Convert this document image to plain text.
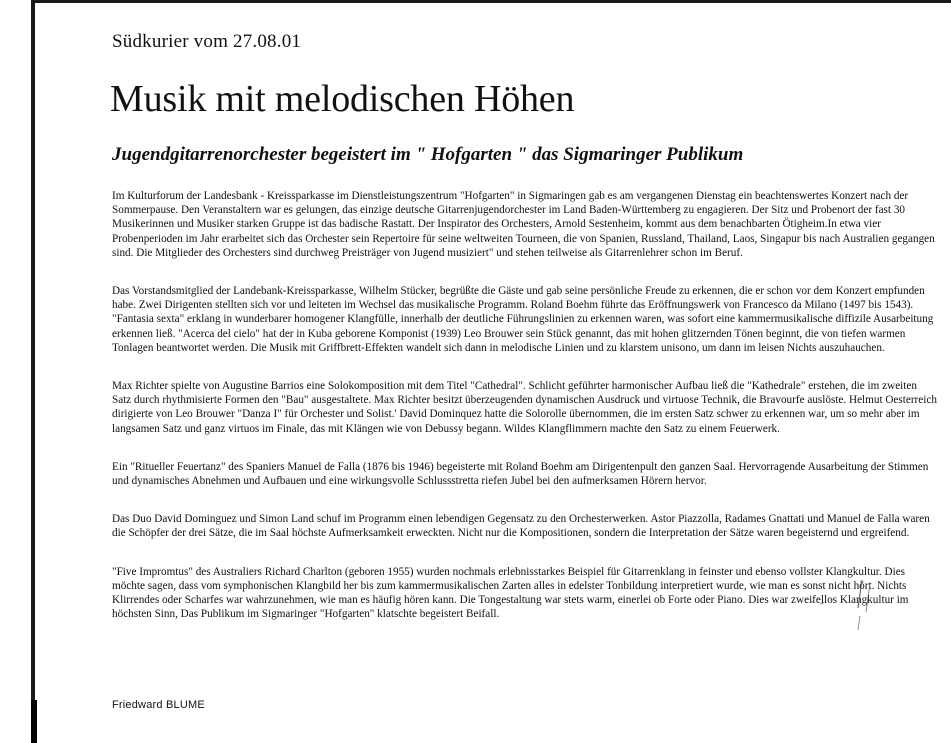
Südkurier vom 27.08.01
Musik mit melodischen Höhen
Jugendgitarrenorchester begeistert im " Hofgarten " das Sigmaringer Publikum

Im Kulturforum der Landesbank - Kreissparkasse im Dienstleistungszentrum "Hofgarten" in Sigmaringen gab es am vergangenen Dienstag ein beachtenswertes Konzert nach der Sommerpause. Den Veranstaltern war es gelungen, das einzige deutsche Gitarrenjugendorchester im Land Baden-Württemberg zu engagieren. Der Sitz und Probenort der fast 30 Musikerinnen und Musiker starken Gruppe ist das badische Rastatt. Der Inspirator des Orchesters, Arnold Sestenheim, kommt aus dem benachbarten Ötigheim.In etwa vier Probenperioden im Jahr erarbeitet sich das Orchester sein Repertoire für seine weltweiten Tourneen, die von Spanien, Russland, Thailand, Laos, Singapur bis nach Australien gegangen sind. Die Mitglieder des Orchesters sind durchweg Preisträger von Jugend musiziert" und stehen teilweise als Gitarrenlehrer schon im Beruf.

Das Vorstandsmitglied der Landebank-Kreissparkasse, Wilhelm Stücker, begrüßte die Gäste und gab seine persönliche Freude zu erkennen, die er schon vor dem Konzert empfunden habe. Zwei Dirigenten stellten sich vor und leiteten im Wechsel das musikalische Programm. Roland Boehm führte das Eröffnungswerk von Francesco da Milano (1497 bis 1543). "Fantasia sexta" erklang in wunderbarer homogener Klangfülle, innerhalb der deutliche Führungslinien zu erkennen waren, was sofort eine kammermusikalische diffizile Ausarbeitung erkennen ließ. "Acerca del cielo" hat der in Kuba geborene Komponist (1939) Leo Brouwer sein Stück genannt, das mit hohen glitzernden Tönen beginnt, die von tiefen warmen Tonlagen beantwortet werden. Die Musik mit Griffbrett-Effekten wandelt sich dann in melodische Linien und zu klarstem unisono, um dann im leisen Nichts auszuhauchen.

Max Richter spielte von Augustine Barrios eine Solokomposition mit dem Titel "Cathedral". Schlicht geführter harmonischer Aufbau ließ die "Kathedrale" erstehen, die im zweiten Satz durch rhythmisierte Formen den "Bau" ausgestaltete. Max Richter besitzt überzeugenden dynamischen Ausdruck und virtuose Technik, die Bravourfe auslöste. Helmut Oesterreich dirigierte von Leo Brouwer "Danza I" für Orchester und Solist.' David Dominquez hatte die Solorolle übernommen, die im ersten Satz schwer zu erkennen war, um so mehr aber im langsamen Satz und ganz virtuos im Finale, das mit Klängen wie von Debussy begann. Wildes Klangflimmern machte den Satz zu einem Feuerwerk.

Ein "Ritueller Feuertanz" des Spaniers Manuel de Falla (1876 bis 1946) begeisterte mit Roland Boehm am Dirigentenpult den ganzen Saal. Hervorragende Ausarbeitung der Stimmen und dynamisches Abnehmen und Aufbauen und eine wirkungsvolle Schlussstretta riefen Jubel bei den aufmerksamen Hörern hervor.

Das Duo David Dominguez und Simon Land schuf im Programm einen lebendigen Gegensatz zu den Orchesterwerken. Astor Piazzolla, Radames Gnattati und Manuel de Falla waren die Schöpfer der drei Sätze, die im Saal höchste Aufmerksamkeit erweckten. Nicht nur die Kompositionen, sondern die Interpretation der Sätze waren begeisternd und ergreifend.

"Five Impromtus" des Australiers Richard Charlton (geboren 1955) wurden nochmals erlebnisstarkes Beispiel für Gitarrenklang in feinster und ebenso vollster Klangkultur. Dies möchte sagen, dass vom symphonischen Klangbild her bis zum kammermusikalischen Zarten alles in edelster Tonbildung interpretiert wurde, wie man es sonst nicht hört. Nichts Klirrendes oder Scharfes war wahrzunehmen, wie man es häufig hören kann. Die Tongestaltung war stets warm, einerlei ob Forte oder Piano. Dies war zweifellos Klangkultur im höchsten Sinn, Das Publikum im Sigmaringer "Hofgarten" klatschte begeistert Beifall.

Friedward BLUME
